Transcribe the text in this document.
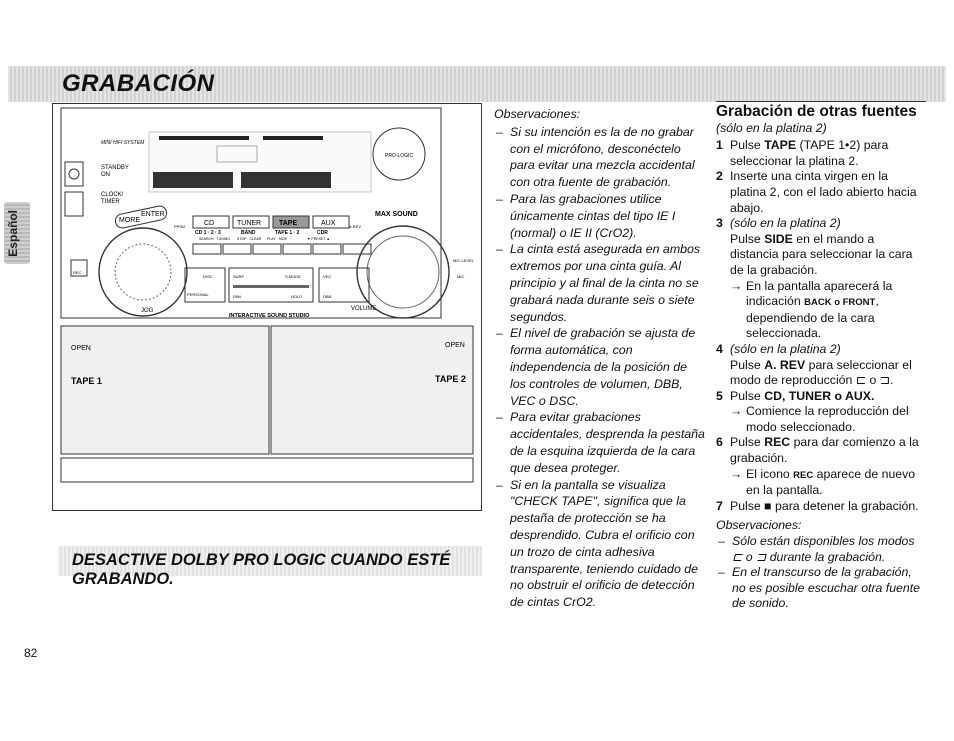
GRABACIÓN
Español
MINI HIFI SYSTEM
STANDBY
ON
CLOCK/
TIMER
PRO-LOGIC
MORE
ENTER
CD	TUNER	TAPE	AUX
PPSI2
CD 1 · 2 · 3	BAND	TAPE 1 · 2	CDR
SEARCH · TUNING STOP · CLEAR PLAY · SIDE	▼ PRESET ▲
A.REV
MAX SOUND
JOG	VOLUME
MIC LEVEL
MIC
REC
DISC
PERSONAL
SURF	S.MODE
PAN	HOLD
VEC
DBB
INTERACTIVE SOUND STUDIO
OPEN	OPEN
TAPE 1	TAPE 2
Observaciones:
– Si su intención es la de no grabar con el micrófono, desconéctelo para evitar una mezcla accidental con otra fuente de grabación.
– Para las grabaciones utilice únicamente cintas del tipo IE I (normal) o IE II (CrO2).
– La cinta está asegurada en ambos extremos por una cinta guía. Al principio y al final de la cinta no se grabará nada durante seis o siete segundos.
– El nivel de grabación se ajusta de forma automática, con independencia de la posición de los controles de volumen, DBB, VEC o DSC.
– Para evitar grabaciones accidentales, desprenda la pestaña de la esquina izquierda de la cara que desea proteger.
– Si en la pantalla se visualiza "CHECK TAPE", significa que la pestaña de protección se ha desprendido. Cubra el orificio con un trozo de cinta adhesiva transparente, teniendo cuidado de no obstruir el orificio de detección de cintas CrO2.
Grabación de otras fuentes
(sólo en la platina 2)
1 Pulse TAPE (TAPE 1•2) para seleccionar la platina 2.
2 Inserte una cinta virgen en la platina 2, con el lado abierto hacia abajo.
3 (sólo en la platina 2)
Pulse SIDE en el mando a distancia para seleccionar la cara de la grabación.
→ En la pantalla aparecerá la indicación BACK o FRONT, dependiendo de la cara seleccionada.
4 (sólo en la platina 2)
Pulse A. REV para seleccionar el modo de reproducción ⊏ o ⊐.
5 Pulse CD, TUNER o AUX.
→ Comience la reproducción del modo seleccionado.
6 Pulse REC para dar comienzo a la grabación.
→ El icono REC aparece de nuevo en la pantalla.
7 Pulse ■ para detener la grabación.
Observaciones:
– Sólo están disponibles los modos ⊏ o ⊐ durante la grabación.
– En el transcurso de la grabación, no es posible escuchar otra fuente de sonido.
DESACTIVE DOLBY PRO LOGIC CUANDO ESTÉ GRABANDO.
82
